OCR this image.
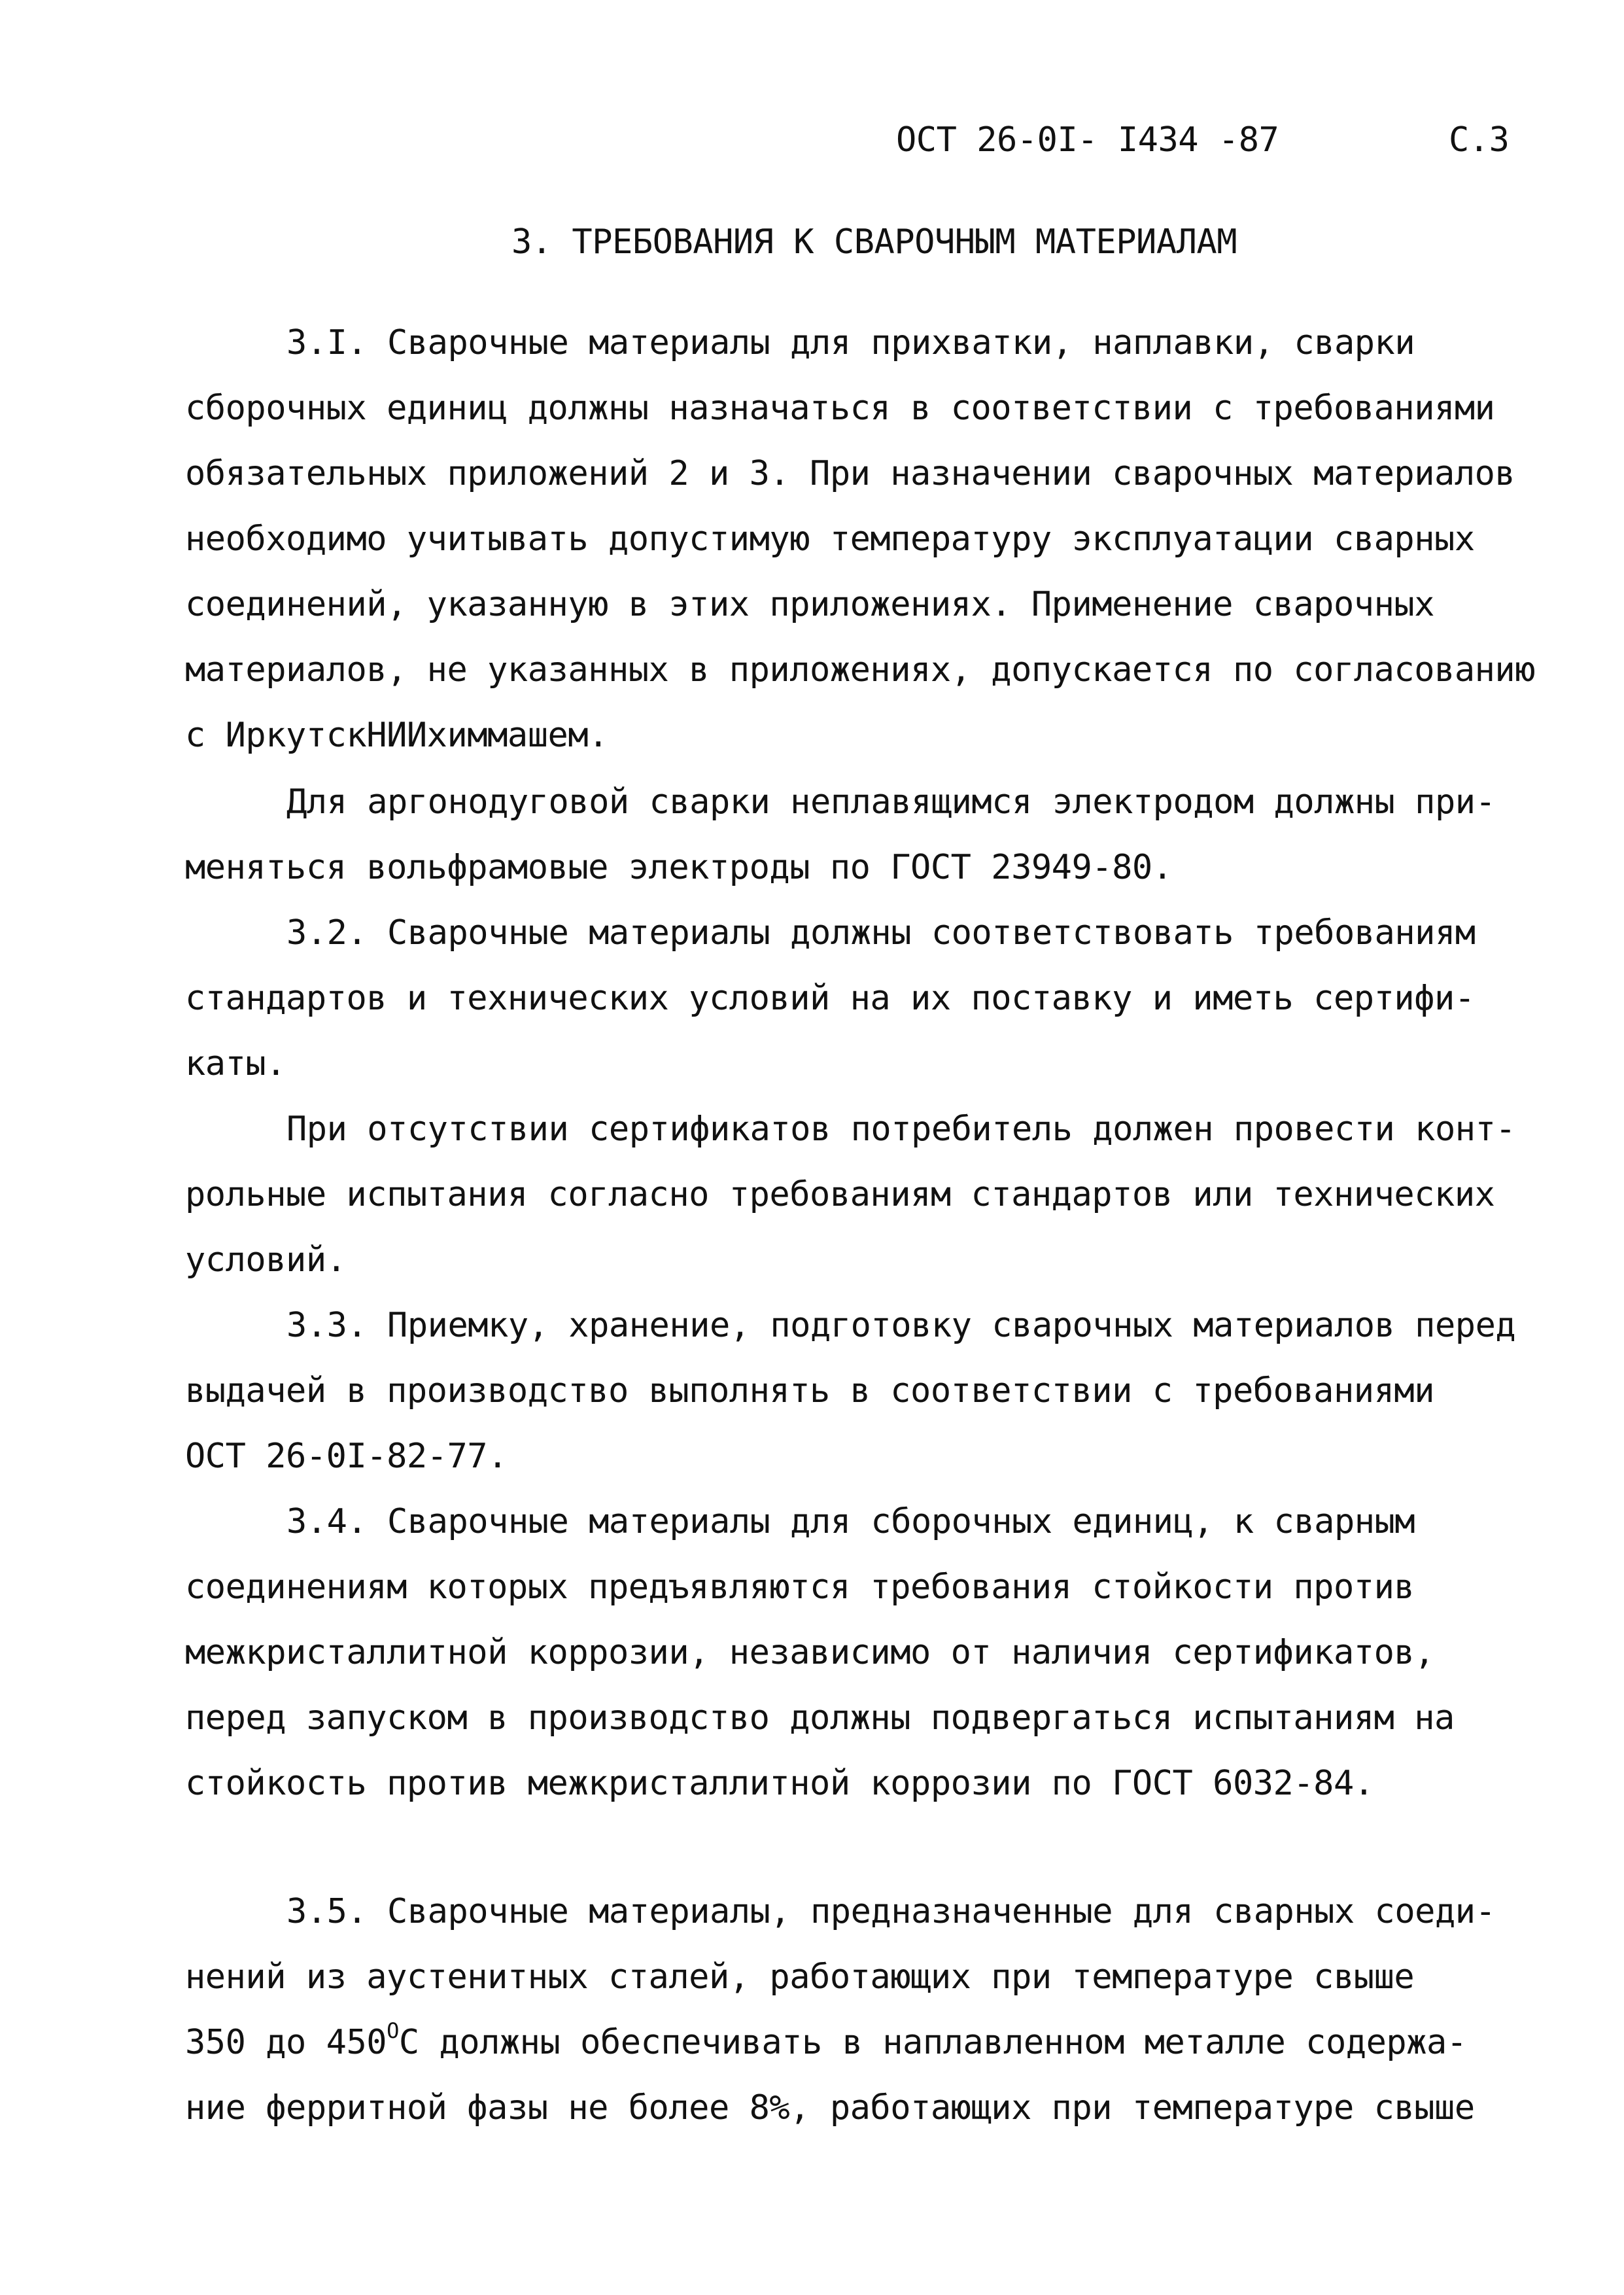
ОСТ 26-0I- I434 -87	С.3
3. ТРЕБОВАНИЯ К СВАРОЧНЫМ МАТЕРИАЛАМ
3.I. Сварочные материалы для прихватки, наплавки, сварки
сборочных единиц должны назначаться в соответствии с требованиями
обязательных приложений 2 и 3. При назначении сварочных материалов
необходимо учитывать допустимую температуру эксплуатации сварных
соединений, указанную в этих приложениях. Применение сварочных
материалов, не указанных в приложениях, допускается по согласованию
с ИркутскНИИхиммашем.
Для аргонодуговой сварки неплавящимся электродом должны при-
меняться вольфрамовые электроды по ГОСТ 23949-80.
3.2. Сварочные материалы должны соответствовать требованиям
стандартов и технических условий на их поставку и иметь сертифи-
каты.
При отсутствии сертификатов потребитель должен провести конт-
рольные испытания согласно требованиям стандартов или технических
условий.
3.3. Приемку, хранение, подготовку сварочных материалов перед
выдачей в производство выполнять в соответствии с требованиями
ОСТ 26-0I-82-77.
3.4. Сварочные материалы для сборочных единиц, к сварным
соединениям которых предъявляются требования стойкости против
межкристаллитной коррозии, независимо от наличия сертификатов,
перед запуском в производство должны подвергаться испытаниям на
стойкость против межкристаллитной коррозии по ГОСТ 6032-84.
3.5. Сварочные материалы, предназначенные для сварных соеди-
нений из аустенитных сталей, работающих при температуре свыше
350 до $450^ОС$ должны обеспечивать в наплавленном металле содержа-
ние ферритной фазы не более 8%, работающих при температуре свыше
